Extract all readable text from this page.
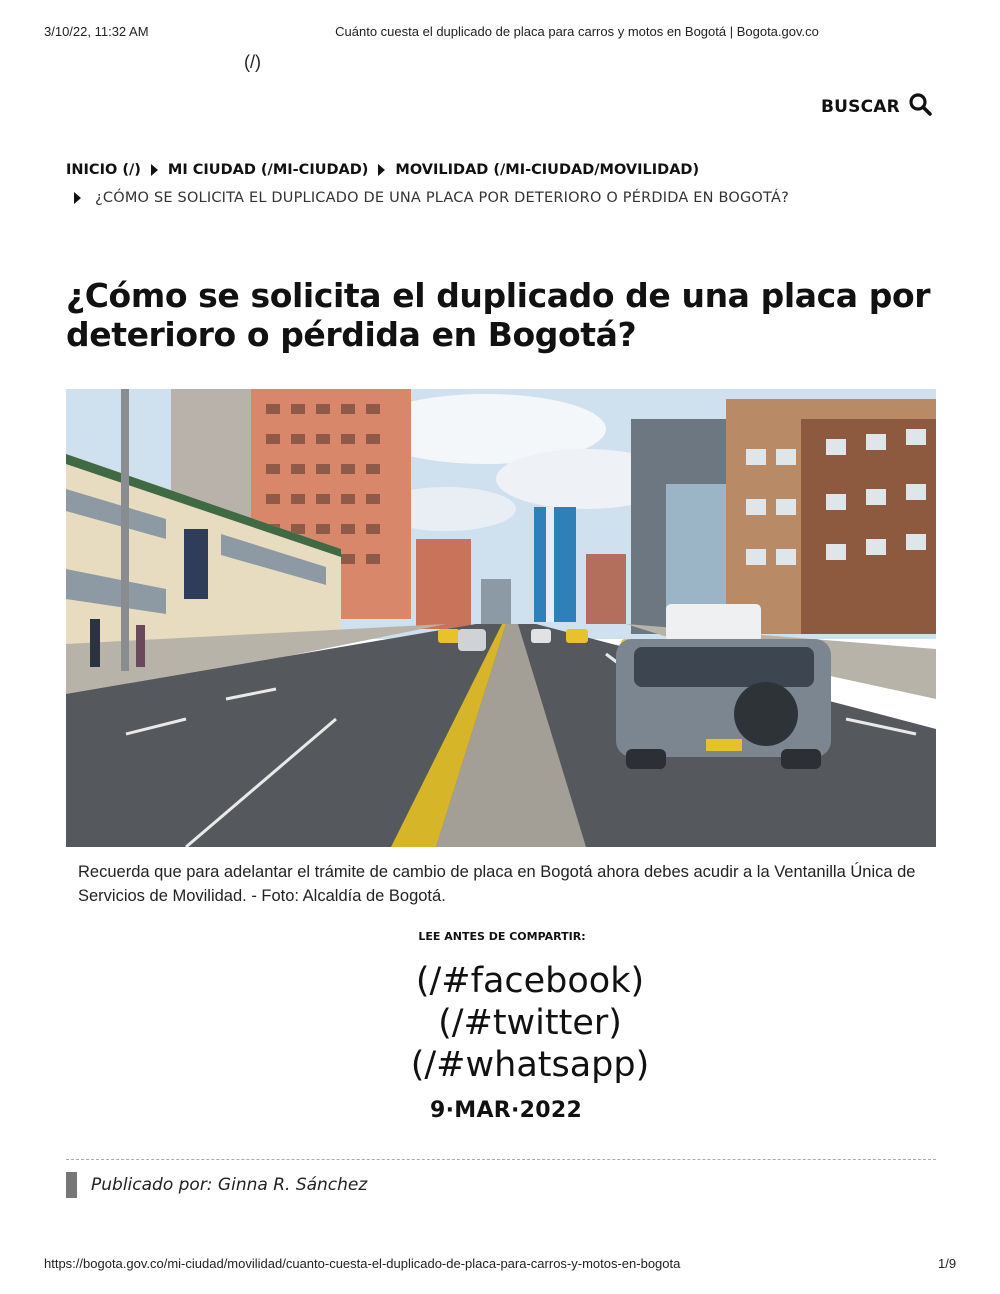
3/10/22, 11:32 AM	Cuánto cuesta el duplicado de placa para carros y motos en Bogotá | Bogota.gov.co
(/)
BUSCAR
INICIO (/) MI CIUDAD (/MI-CIUDAD) MOVILIDAD (/MI-CIUDAD/MOVILIDAD)
¿CÓMO SE SOLICITA EL DUPLICADO DE UNA PLACA POR DETERIORO O PÉRDIDA EN BOGOTÁ?
¿Cómo se solicita el duplicado de una placa por deterioro o pérdida en Bogotá?
Recuerda que para adelantar el trámite de cambio de placa en Bogotá ahora debes acudir a la Ventanilla Única de Servicios de Movilidad. - Foto: Alcaldía de Bogotá.
LEE ANTES DE COMPARTIR:
(/#facebook)
(/#twitter)
(/#whatsapp)
9·MAR·2022
Publicado por: Ginna R. Sánchez
https://bogota.gov.co/mi-ciudad/movilidad/cuanto-cuesta-el-duplicado-de-placa-para-carros-y-motos-en-bogota	1/9
